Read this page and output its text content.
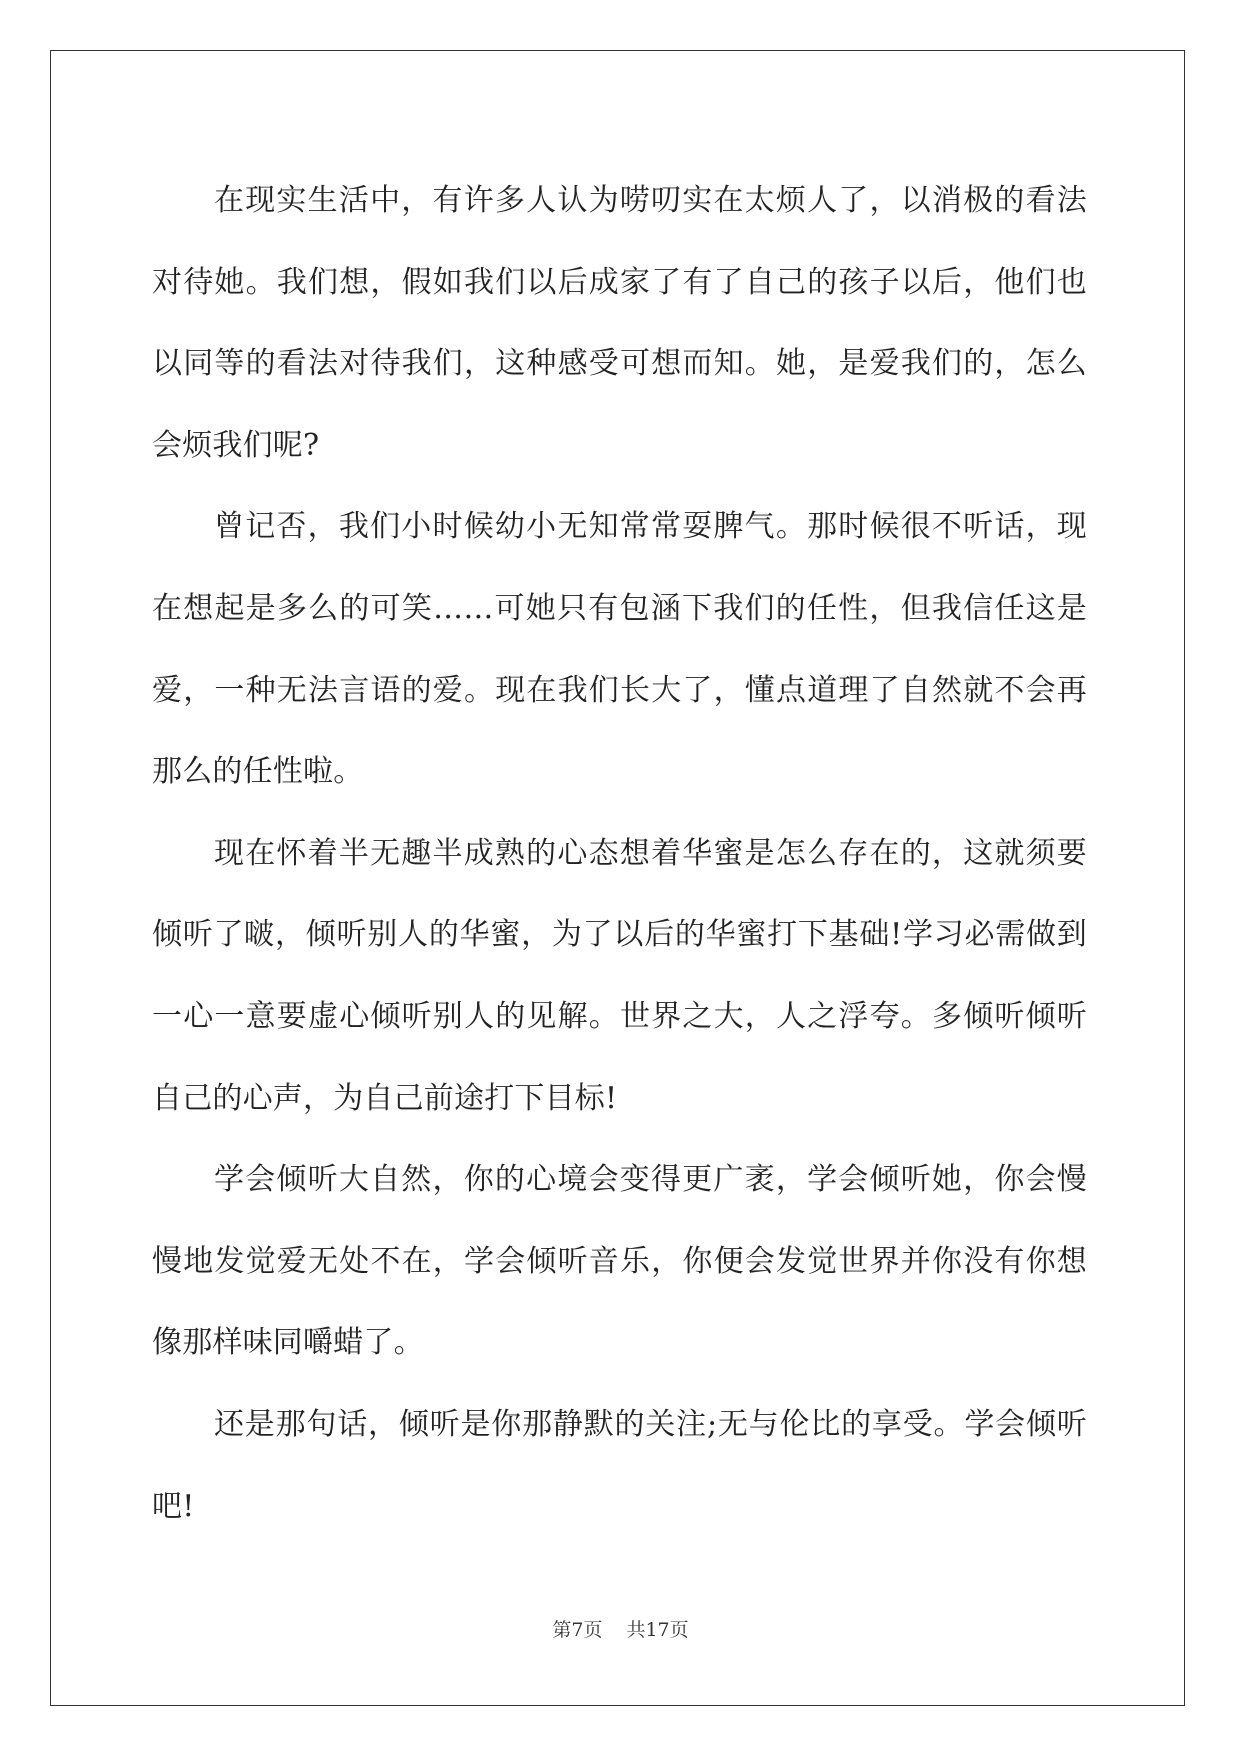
在现实生活中，有许多人认为唠叨实在太烦人了，以消极的看法对待她。我们想，假如我们以后成家了有了自己的孩子以后，他们也以同等的看法对待我们，这种感受可想而知。她，是爱我们的，怎么会烦我们呢?

曾记否，我们小时候幼小无知常常耍脾气。那时候很不听话，现在想起是多么的可笑……可她只有包涵下我们的任性，但我信任这是爱，一种无法言语的爱。现在我们长大了，懂点道理了自然就不会再那么的任性啦。

现在怀着半无趣半成熟的心态想着华蜜是怎么存在的，这就须要倾听了啵，倾听别人的华蜜，为了以后的华蜜打下基础!学习必需做到一心一意要虚心倾听别人的见解。世界之大，人之浮夸。多倾听倾听自己的心声，为自己前途打下目标!

学会倾听大自然，你的心境会变得更广袤，学会倾听她，你会慢慢地发觉爱无处不在，学会倾听音乐，你便会发觉世界并你没有你想像那样味同嚼蜡了。

还是那句话，倾听是你那静默的关注;无与伦比的享受。学会倾听吧!

第7页 共17页
